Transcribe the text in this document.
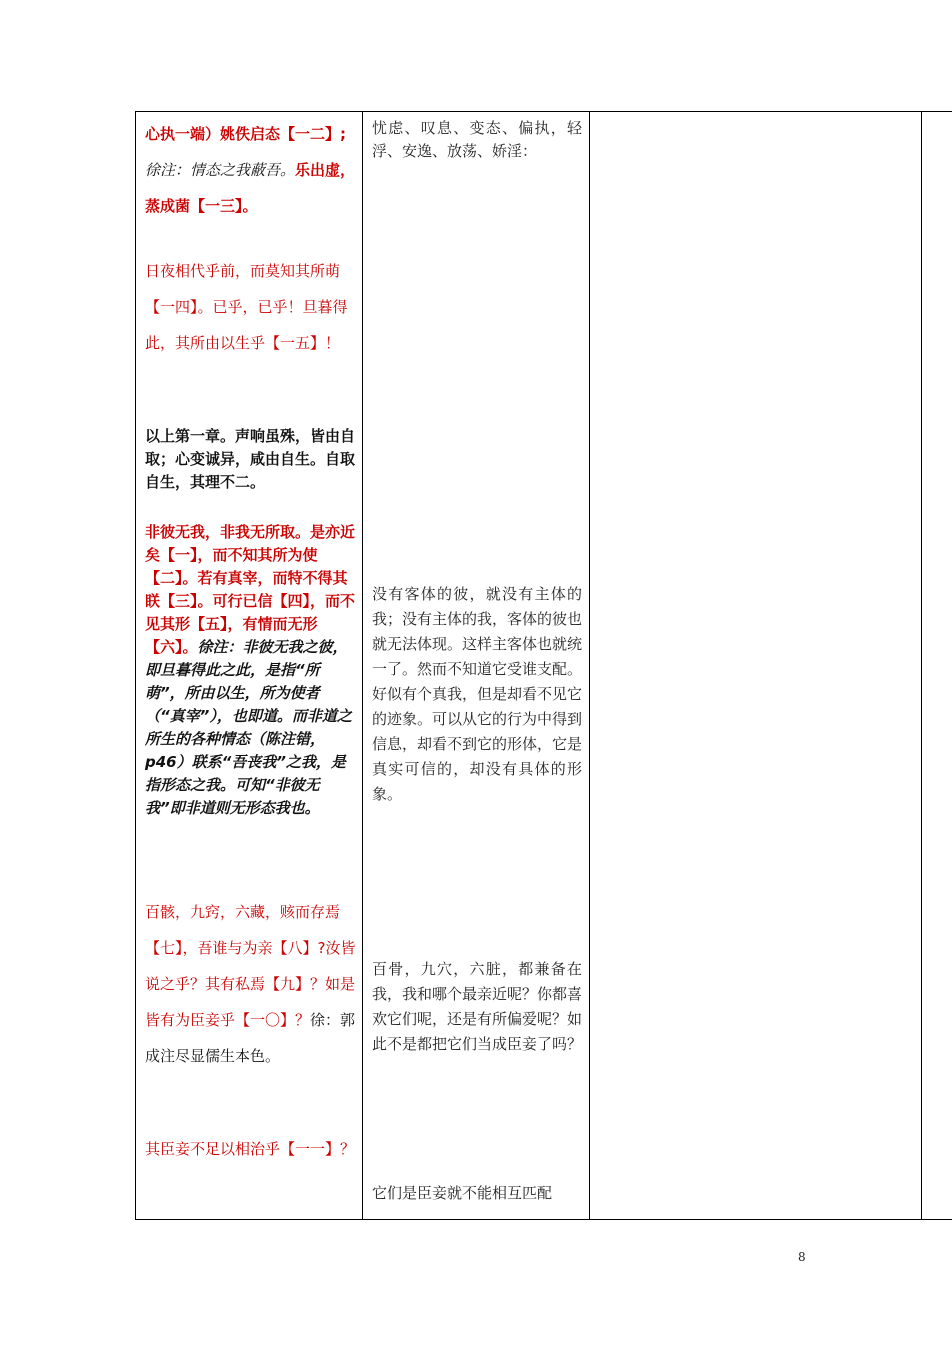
心执一端）姚佚启态【一二】;
徐注：情态之我蔽吾。乐出虚，蒸成菌【一三】。

日夜相代乎前，而莫知其所萌【一四】。已乎，已乎！旦暮得此，其所由以生乎【一五】！

以上第一章。声响虽殊，皆由自取；心变诚异，咸由自生。自取自生，其理不二。

非彼无我，非我无所取。是亦近矣【一】，而不知其所为使【二】。若有真宰，而特不得其眹【三】。可行已信【四】，而不见其形【五】，有情而无形【六】。徐注：非彼无我之彼，即旦暮得此之此，是指“所萌”，所由以生，所为使者（“真宰”），也即道。而非道之所生的各种情态（陈注错，p46）联系“吾丧我”之我，是指形态之我。可知“非彼无我”即非道则无形态我也。

百骸，九窍，六藏，赅而存焉【七】，吾谁与为亲【八】?汝皆说之乎？其有私焉【九】？如是皆有为臣妾乎【一〇】？徐：郭成注尽显儒生本色。

其臣妾不足以相治乎【一一】？

忧虑、叹息、变态、偏执，轻浮、安逸、放荡、娇淫：

没有客体的彼，就没有主体的我；没有主体的我，客体的彼也就无法体现。这样主客体也就统一了。然而不知道它受谁支配。好似有个真我，但是却看不见它的迹象。可以从它的行为中得到信息，却看不到它的形体，它是真实可信的，却没有具体的形象。

百骨，九穴，六脏，都兼备在我，我和哪个最亲近呢？你都喜欢它们呢，还是有所偏爱呢？如此不是都把它们当成臣妾了吗？

它们是臣妾就不能相互匹配

8
